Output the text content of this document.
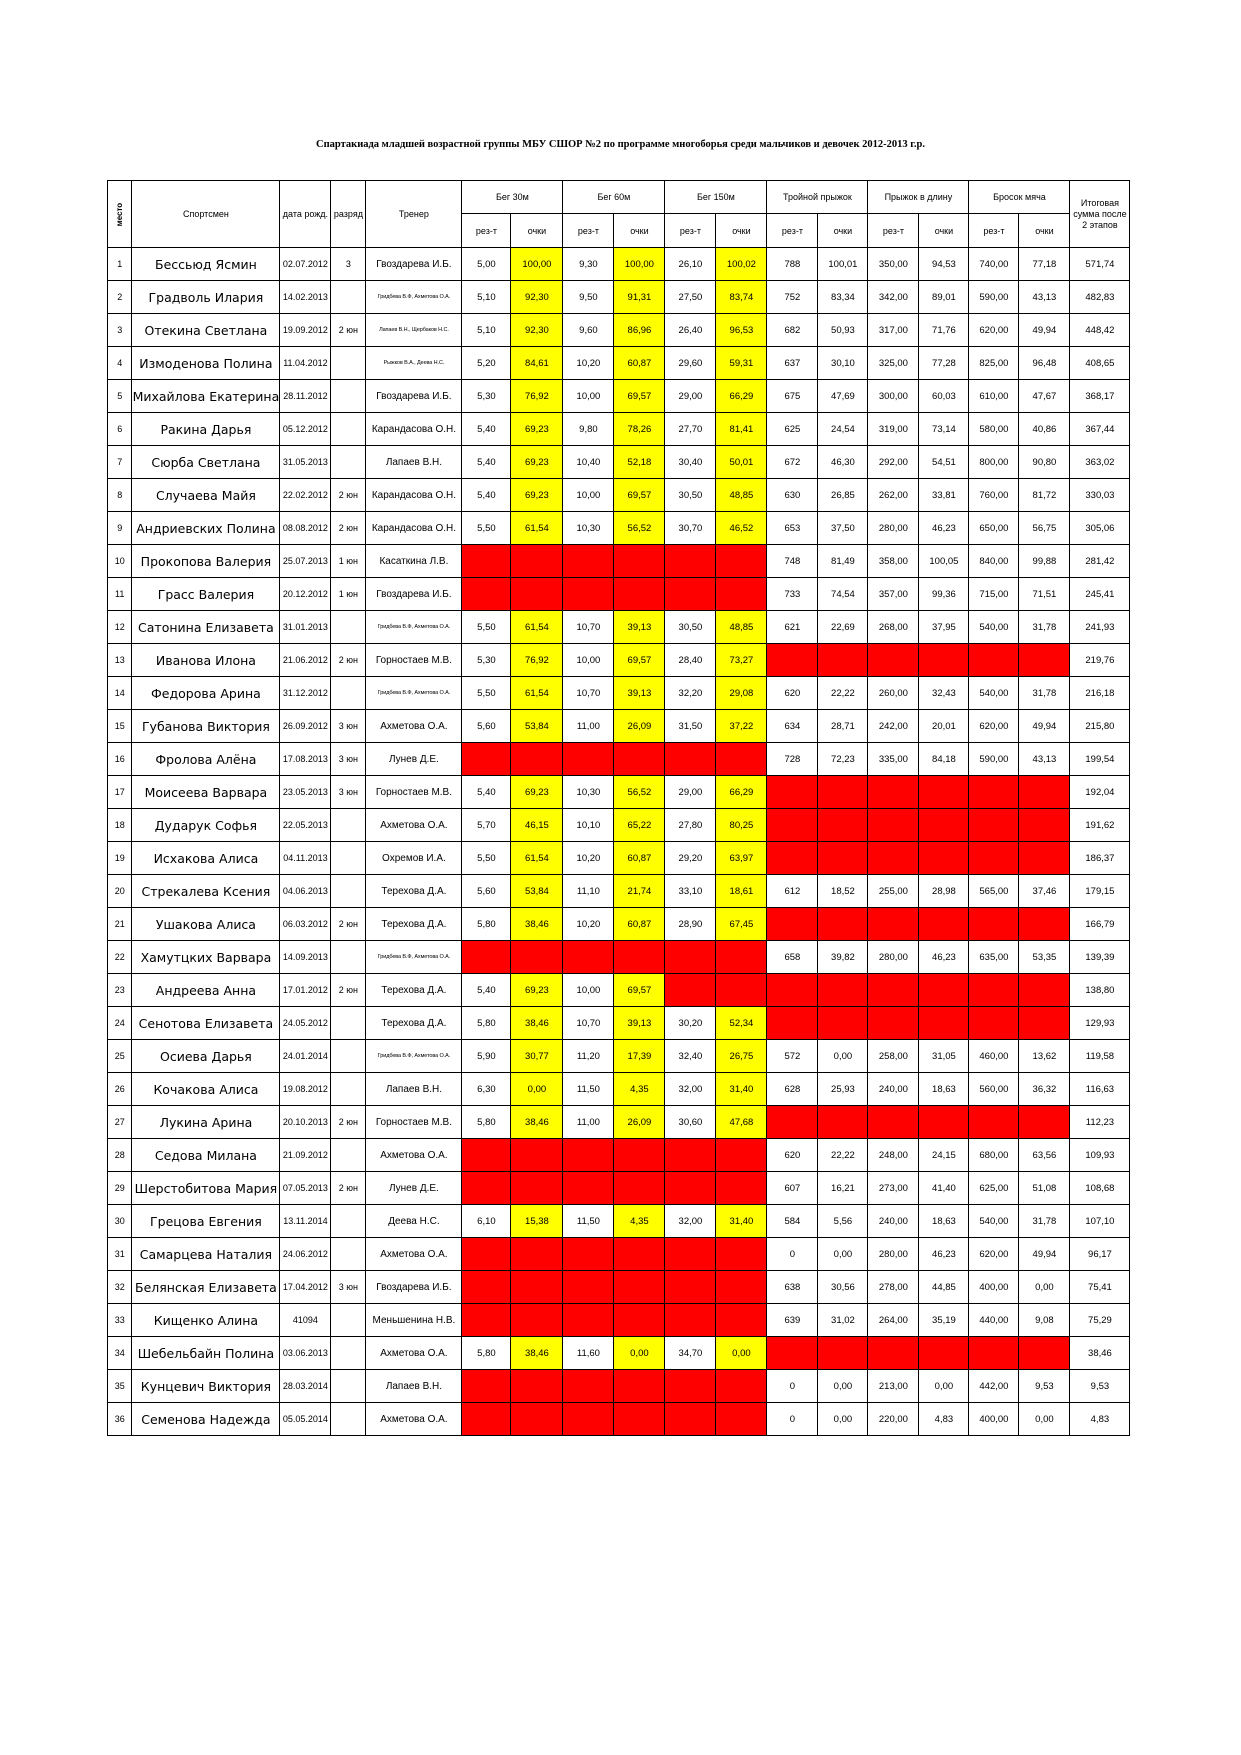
Спартакиада младшей возрастной группы МБУ СШОР №2 по программе многоборья среди мальчиков и девочек 2012-2013 г.р.
место	Спортсмен	дата рожд.	разряд	Тренер	Бег 30м		Бег 60м		Бег 150м		Тройной прыжок		Прыжок в длину		Бросок мяча		Итоговая сумма после 2 этапов
					рез-т	очки	рез-т	очки	рез-т	очки	рез-т	очки	рез-т	очки	рез-т	очки	
1	Бессьюд Ясмин	02.07.2012	3	Гвоздарева И.Б.	5,00	100,00	9,30	100,00	26,10	100,02	788	100,01	350,00	94,53	740,00	77,18	571,74
2	Градволь Илария	14.02.2013		Гридбева В.Ф, Ахметова О.А.	5,10	92,30	9,50	91,31	27,50	83,74	752	83,34	342,00	89,01	590,00	43,13	482,83
3	Отекина Светлана	19.09.2012	2 юн	Лапаев В.Н., Щербаков Н.С.	5,10	92,30	9,60	86,96	26,40	96,53	682	50,93	317,00	71,76	620,00	49,94	448,42
4	Измоденова Полина	11.04.2012		Рыжков В.А., Деева Н.С.	5,20	84,61	10,20	60,87	29,60	59,31	637	30,10	325,00	77,28	825,00	96,48	408,65
5	Михайлова Екатерина	28.11.2012		Гвоздарева И.Б.	5,30	76,92	10,00	69,57	29,00	66,29	675	47,69	300,00	60,03	610,00	47,67	368,17
6	Ракина Дарья	05.12.2012		Карандасова О.Н.	5,40	69,23	9,80	78,26	27,70	81,41	625	24,54	319,00	73,14	580,00	40,86	367,44
7	Сюрба Светлана	31.05.2013		Лапаев В.Н.	5,40	69,23	10,40	52,18	30,40	50,01	672	46,30	292,00	54,51	800,00	90,80	363,02
8	Случаева Майя	22.02.2012	2 юн	Карандасова О.Н.	5,40	69,23	10,00	69,57	30,50	48,85	630	26,85	262,00	33,81	760,00	81,72	330,03
9	Андриевских Полина	08.08.2012	2 юн	Карандасова О.Н.	5,50	61,54	10,30	56,52	30,70	46,52	653	37,50	280,00	46,23	650,00	56,75	305,06
10	Прокопова Валерия	25.07.2013	1 юн	Касаткина Л.В.							748	81,49	358,00	100,05	840,00	99,88	281,42
11	Грасс Валерия	20.12.2012	1 юн	Гвоздарева И.Б.							733	74,54	357,00	99,36	715,00	71,51	245,41
12	Сатонина Елизавета	31.01.2013		Гридбева В.Ф, Ахметова О.А.	5,50	61,54	10,70	39,13	30,50	48,85	621	22,69	268,00	37,95	540,00	31,78	241,93
13	Иванова Илона	21.06.2012	2 юн	Горностаев М.В.	5,30	76,92	10,00	69,57	28,40	73,27							219,76
14	Федорова Арина	31.12.2012		Гридбева В.Ф, Ахметова О.А.	5,50	61,54	10,70	39,13	32,20	29,08	620	22,22	260,00	32,43	540,00	31,78	216,18
15	Губанова Виктория	26.09.2012	3 юн	Ахметова О.А.	5,60	53,84	11,00	26,09	31,50	37,22	634	28,71	242,00	20,01	620,00	49,94	215,80
16	Фролова Алёна	17.08.2013	3 юн	Лунев Д.Е.							728	72,23	335,00	84,18	590,00	43,13	199,54
17	Моисеева Варвара	23.05.2013	3 юн	Горностаев М.В.	5,40	69,23	10,30	56,52	29,00	66,29							192,04
18	Дударук Софья	22.05.2013		Ахметова О.А.	5,70	46,15	10,10	65,22	27,80	80,25							191,62
19	Исхакова Алиса	04.11.2013		Охремов И.А.	5,50	61,54	10,20	60,87	29,20	63,97							186,37
20	Стрекалева Ксения	04.06.2013		Терехова Д.А.	5,60	53,84	11,10	21,74	33,10	18,61	612	18,52	255,00	28,98	565,00	37,46	179,15
21	Ушакова Алиса	06.03.2012	2 юн	Терехова Д.А.	5,80	38,46	10,20	60,87	28,90	67,45							166,79
22	Хамутцких Варвара	14.09.2013		Гридбева В.Ф, Ахметова О.А.							658	39,82	280,00	46,23	635,00	53,35	139,39
23	Андреева Анна	17.01.2012	2 юн	Терехова Д.А.	5,40	69,23	10,00	69,57									138,80
24	Сенотова Елизавета	24.05.2012		Терехова Д.А.	5,80	38,46	10,70	39,13	30,20	52,34							129,93
25	Осиева Дарья	24.01.2014		Гридбева В.Ф, Ахметова О.А.	5,90	30,77	11,20	17,39	32,40	26,75	572	0,00	258,00	31,05	460,00	13,62	119,58
26	Кочакова Алиса	19.08.2012		Лапаев В.Н.	6,30	0,00	11,50	4,35	32,00	31,40	628	25,93	240,00	18,63	560,00	36,32	116,63
27	Лукина Арина	20.10.2013	2 юн	Горностаев М.В.	5,80	38,46	11,00	26,09	30,60	47,68							112,23
28	Седова Милана	21.09.2012		Ахметова О.А.							620	22,22	248,00	24,15	680,00	63,56	109,93
29	Шерстобитова Мария	07.05.2013	2 юн	Лунев Д.Е.							607	16,21	273,00	41,40	625,00	51,08	108,68
30	Грецова Евгения	13.11.2014		Деева Н.С.	6,10	15,38	11,50	4,35	32,00	31,40	584	5,56	240,00	18,63	540,00	31,78	107,10
31	Самарцева Наталия	24.06.2012		Ахметова О.А.							0	0,00	280,00	46,23	620,00	49,94	96,17
32	Белянская Елизавета	17.04.2012	3 юн	Гвоздарева И.Б.							638	30,56	278,00	44,85	400,00	0,00	75,41
33	Кищенко Алина	41094		Меньшенина Н.В.							639	31,02	264,00	35,19	440,00	9,08	75,29
34	Шебельбайн Полина	03.06.2013		Ахметова О.А.	5,80	38,46	11,60	0,00	34,70	0,00							38,46
35	Кунцевич Виктория	28.03.2014		Лапаев В.Н.							0	0,00	213,00	0,00	442,00	9,53	9,53
36	Семенова Надежда	05.05.2014		Ахметова О.А.							0	0,00	220,00	4,83	400,00	0,00	4,83
